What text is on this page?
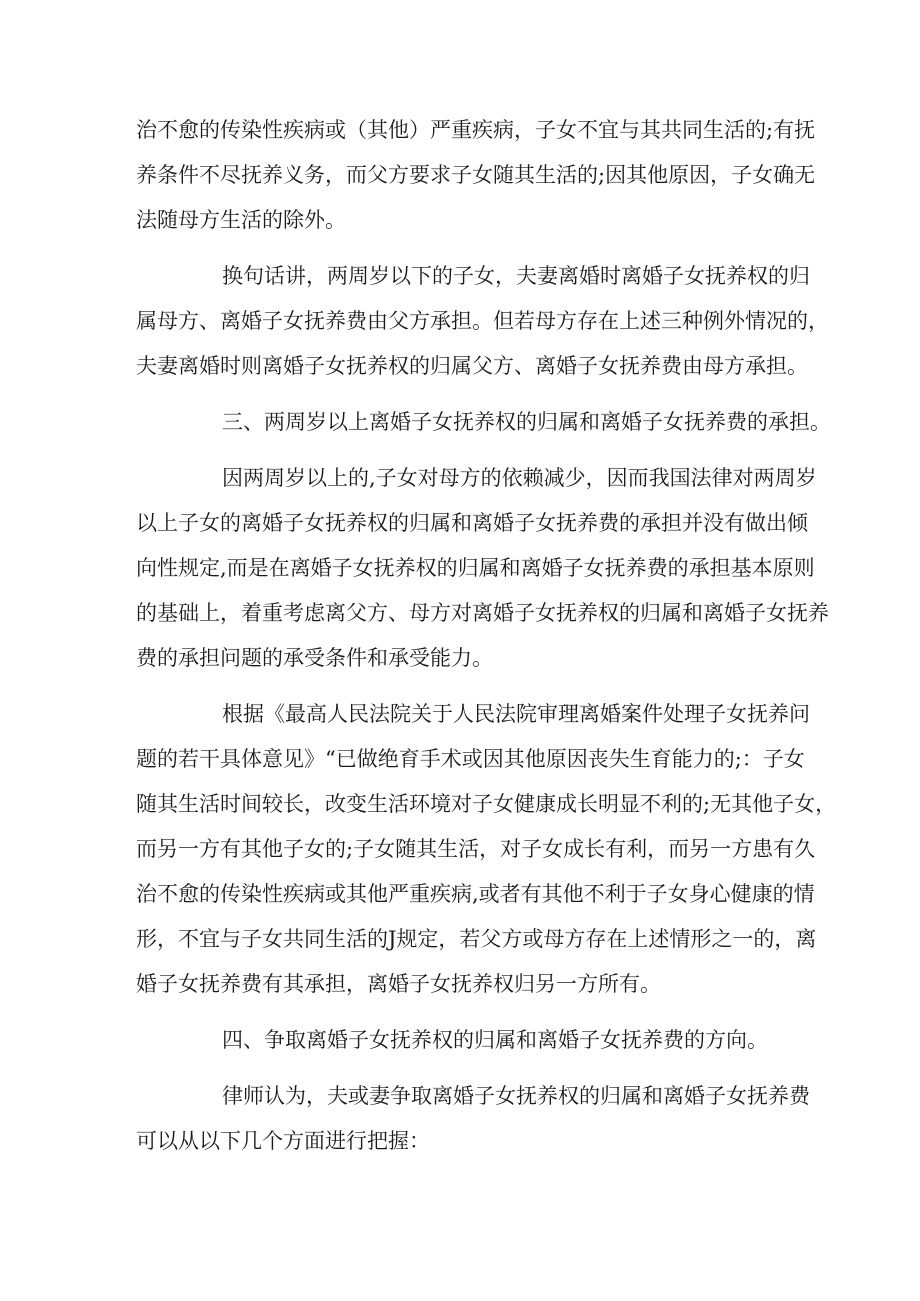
治不愈的传染性疾病或（其他）严重疾病，子女不宜与其共同生活的;有抚
养条件不尽抚养义务，而父方要求子女随其生活的;因其他原因，子女确无
法随母方生活的除外。
换句话讲，两周岁以下的子女，夫妻离婚时离婚子女抚养权的归
属母方、离婚子女抚养费由父方承担。但若母方存在上述三种例外情况的，
夫妻离婚时则离婚子女抚养权的归属父方、离婚子女抚养费由母方承担。
三、两周岁以上离婚子女抚养权的归属和离婚子女抚养费的承担。
因两周岁以上的,子女对母方的依赖减少，因而我国法律对两周岁
以上子女的离婚子女抚养权的归属和离婚子女抚养费的承担并没有做出倾
向性规定,而是在离婚子女抚养权的归属和离婚子女抚养费的承担基本原则
的基础上，着重考虑离父方、母方对离婚子女抚养权的归属和离婚子女抚养
费的承担问题的承受条件和承受能力。
根据《最高人民法院关于人民法院审理离婚案件处理子女抚养问
题的若干具体意见》“已做绝育手术或因其他原因丧失生育能力的;：子女
随其生活时间较长，改变生活环境对子女健康成长明显不利的;无其他子女，
而另一方有其他子女的;子女随其生活，对子女成长有利，而另一方患有久
治不愈的传染性疾病或其他严重疾病,或者有其他不利于子女身心健康的情
形，不宜与子女共同生活的J规定，若父方或母方存在上述情形之一的，离
婚子女抚养费有其承担，离婚子女抚养权归另一方所有。
四、争取离婚子女抚养权的归属和离婚子女抚养费的方向。
律师认为，夫或妻争取离婚子女抚养权的归属和离婚子女抚养费
可以从以下几个方面进行把握：
